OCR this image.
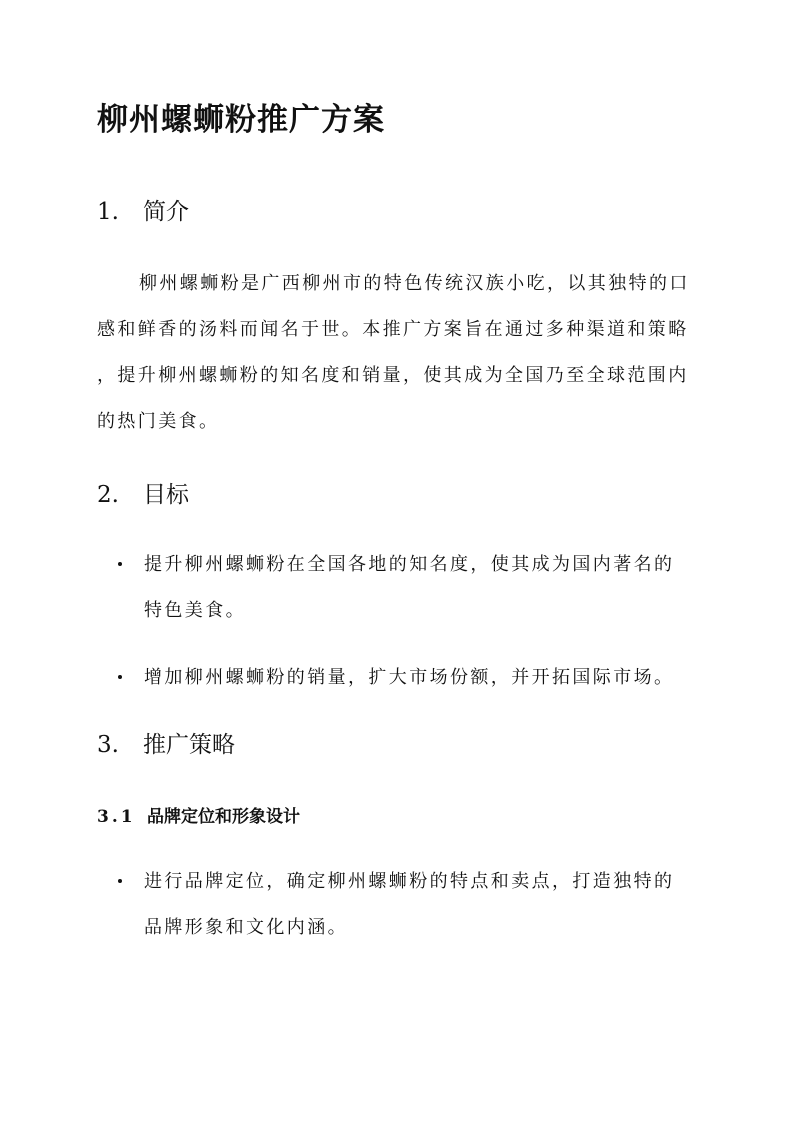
柳州螺蛳粉推广方案
1. 简介
柳州螺蛳粉是广西柳州市的特色传统汉族小吃，以其独特的口
感和鲜香的汤料而闻名于世。本推广方案旨在通过多种渠道和策略
，提升柳州螺蛳粉的知名度和销量，使其成为全国乃至全球范围内
的热门美食。
2. 目标
提升柳州螺蛳粉在全国各地的知名度，使其成为国内著名的
特色美食。
增加柳州螺蛳粉的销量，扩大市场份额，并开拓国际市场。
3. 推广策略
3.1 品牌定位和形象设计
进行品牌定位，确定柳州螺蛳粉的特点和卖点，打造独特的
品牌形象和文化内涵。
